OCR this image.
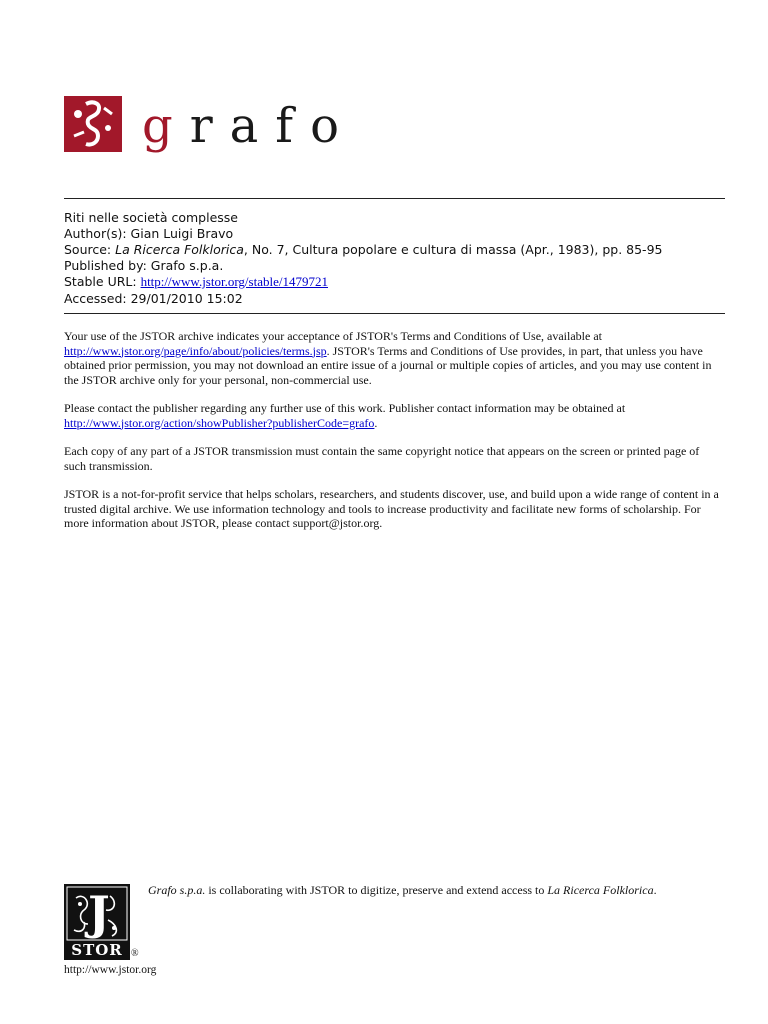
grafo
Riti nelle società complesse
Author(s): Gian Luigi Bravo
Source: La Ricerca Folklorica, No. 7, Cultura popolare e cultura di massa (Apr., 1983), pp. 85-95
Published by: Grafo s.p.a.
Stable URL: http://www.jstor.org/stable/1479721
Accessed: 29/01/2010 15:02

Your use of the JSTOR archive indicates your acceptance of JSTOR's Terms and Conditions of Use, available at
http://www.jstor.org/page/info/about/policies/terms.jsp. JSTOR's Terms and Conditions of Use provides, in part, that unless you have obtained prior permission, you may not download an entire issue of a journal or multiple copies of articles, and you may use content in the JSTOR archive only for your personal, non-commercial use.

Please contact the publisher regarding any further use of this work. Publisher contact information may be obtained at
http://www.jstor.org/action/showPublisher?publisherCode=grafo.

Each copy of any part of a JSTOR transmission must contain the same copyright notice that appears on the screen or printed page of such transmission.

JSTOR is a not-for-profit service that helps scholars, researchers, and students discover, use, and build upon a wide range of content in a trusted digital archive. We use information technology and tools to increase productivity and facilitate new forms of scholarship. For more information about JSTOR, please contact support@jstor.org.

J
STOR ®
Grafo s.p.a. is collaborating with JSTOR to digitize, preserve and extend access to La Ricerca Folklorica.
http://www.jstor.org
